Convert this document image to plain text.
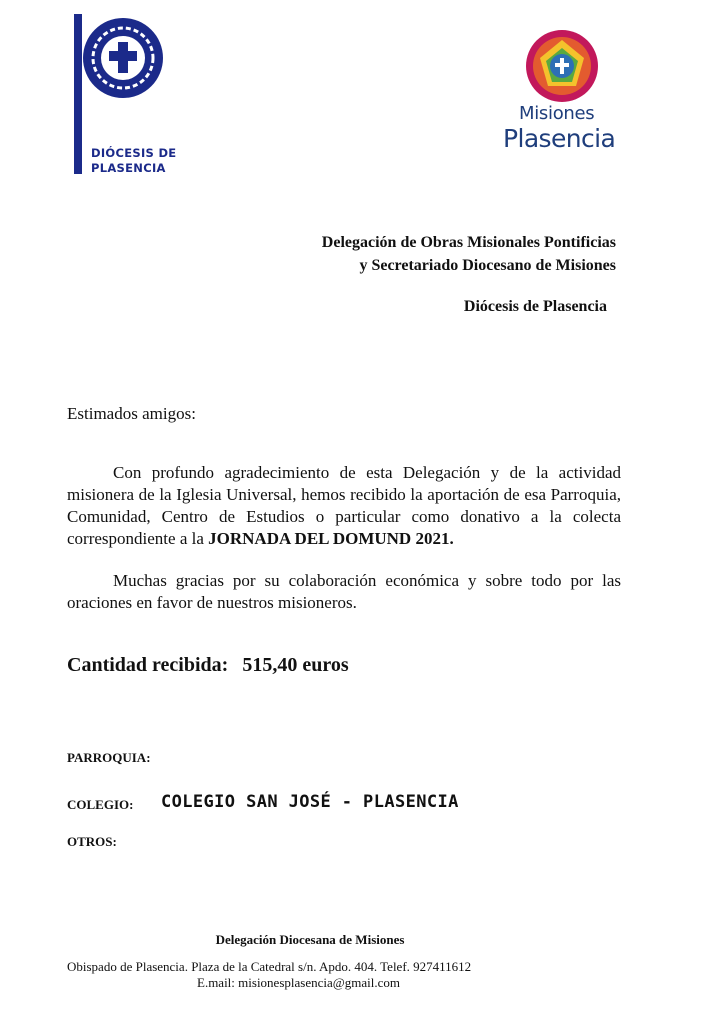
DIÓCESIS DE
PLASENCIA
Misiones
Plasencia
Delegación de Obras Misionales Pontificias
y Secretariado Diocesano de Misiones
Diócesis de Plasencia
Estimados amigos:
Con profundo agradecimiento de esta Delegación y de la actividad misionera de la Iglesia Universal, hemos recibido la aportación de esa Parroquia, Comunidad, Centro de Estudios o particular como donativo a la colecta correspondiente a la JORNADA DEL DOMUND 2021.
Muchas gracias por su colaboración económica y sobre todo por las oraciones en favor de nuestros misioneros.
Cantidad recibida: 515,40 euros
PARROQUIA:
COLEGIO: COLEGIO SAN JOSÉ - PLASENCIA
OTROS:
Delegación Diocesana de Misiones
Obispado de Plasencia. Plaza de la Catedral s/n. Apdo. 404. Telef. 927411612
E.mail: misionesplasencia@gmail.com
